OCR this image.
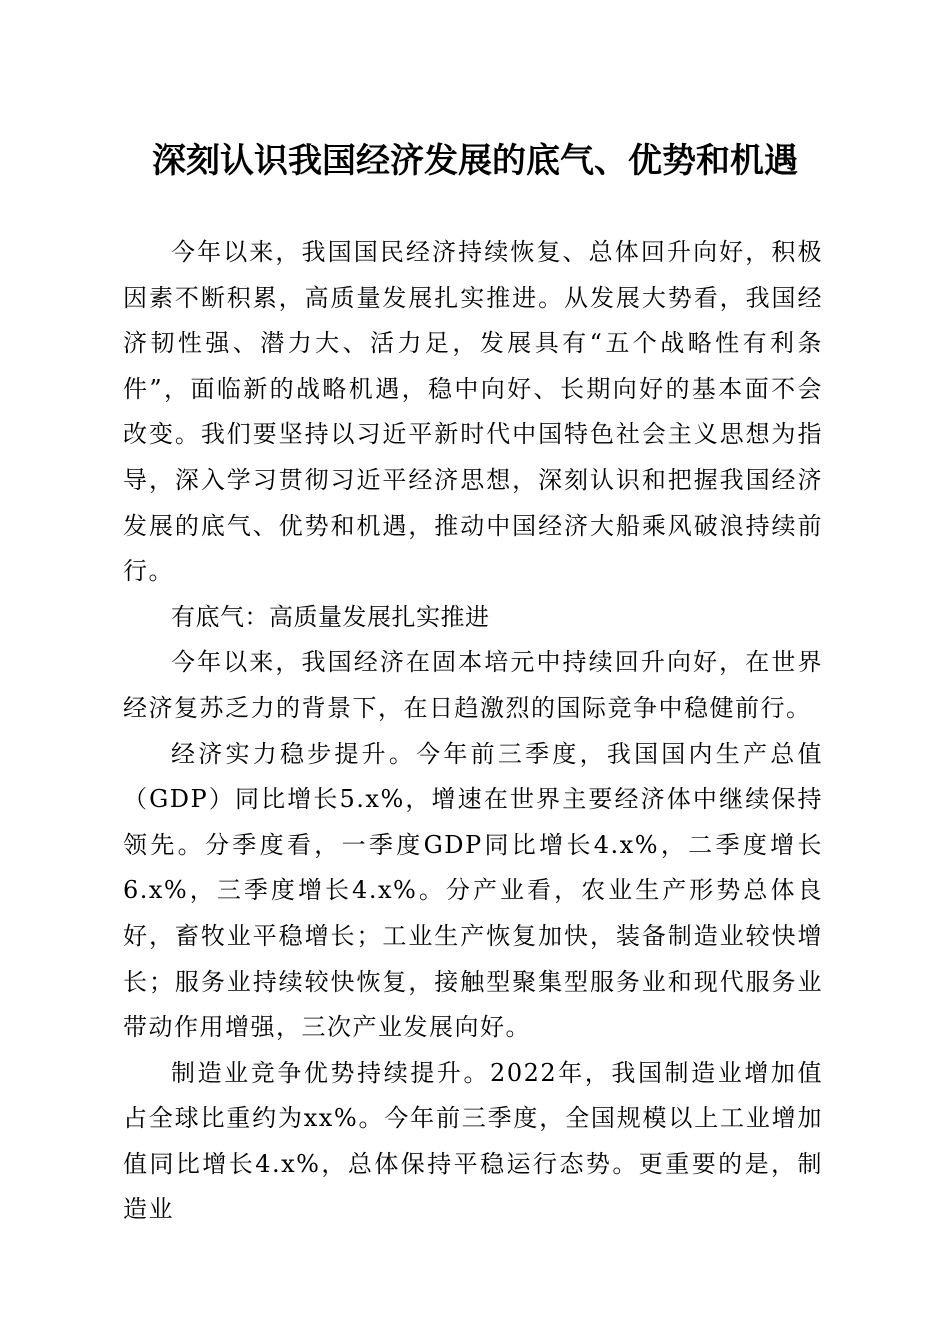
深刻认识我国经济发展的底气、优势和机遇

今年以来，我国国民经济持续恢复、总体回升向好，积极因素不断积累，高质量发展扎实推进。从发展大势看，我国经济韧性强、潜力大、活力足，发展具有“五个战略性有利条件”，面临新的战略机遇，稳中向好、长期向好的基本面不会改变。我们要坚持以习近平新时代中国特色社会主义思想为指导，深入学习贯彻习近平经济思想，深刻认识和把握我国经济发展的底气、优势和机遇，推动中国经济大船乘风破浪持续前行。

有底气：高质量发展扎实推进

今年以来，我国经济在固本培元中持续回升向好，在世界经济复苏乏力的背景下，在日趋激烈的国际竞争中稳健前行。

经济实力稳步提升。今年前三季度，我国国内生产总值（GDP）同比增长5.x%，增速在世界主要经济体中继续保持领先。分季度看，一季度GDP同比增长4.x%，二季度增长6.x%，三季度增长4.x%。分产业看，农业生产形势总体良好，畜牧业平稳增长；工业生产恢复加快，装备制造业较快增长；服务业持续较快恢复，接触型聚集型服务业和现代服务业带动作用增强，三次产业发展向好。

制造业竞争优势持续提升。2022年，我国制造业增加值占全球比重约为xx%。今年前三季度，全国规模以上工业增加值同比增长4.x%，总体保持平稳运行态势。更重要的是，制造业
